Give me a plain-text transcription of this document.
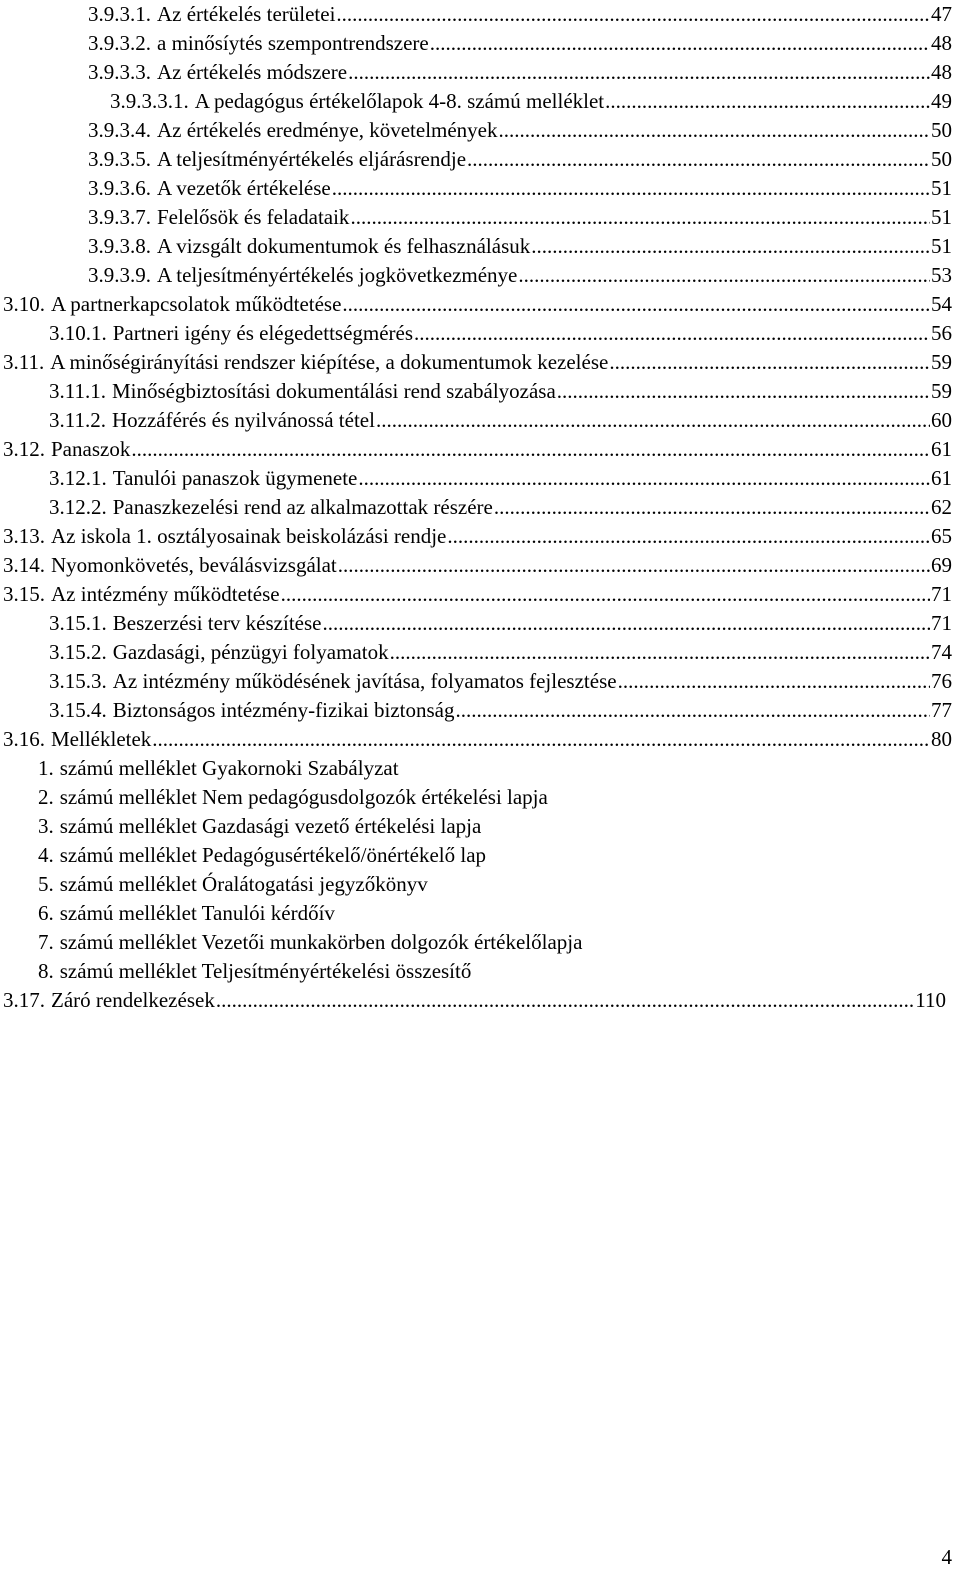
3.9.3.1. Az értékelés területei .....	47
3.9.3.2. a minősíytés szempontrendszere .....	48
3.9.3.3. Az értékelés módszere .....	48
3.9.3.3.1. A pedagógus értékelőlapok 4-8. számú melléklet .....	49
3.9.3.4. Az értékelés eredménye, követelmények .....	50
3.9.3.5. A teljesítményértékelés eljárásrendje .....	50
3.9.3.6. A vezetők értékelése .....	51
3.9.3.7. Felelősök és feladataik .....	51
3.9.3.8. A vizsgált dokumentumok és felhasználásuk .....	51
3.9.3.9. A teljesítményértékelés jogkövetkezménye .....	53
3.10. A partnerkapcsolatok működtetése .....	54
3.10.1. Partneri igény és elégedettségmérés .....	56
3.11. A minőségirányítási rendszer kiépítése, a dokumentumok kezelése .....	59
3.11.1. Minőségbiztosítási dokumentálási rend szabályozása .....	59
3.11.2. Hozzáférés és nyilvánossá tétel .....	60
3.12. Panaszok .....	61
3.12.1. Tanulói panaszok ügymenete .....	61
3.12.2. Panaszkezelési rend az alkalmazottak részére .....	62
3.13. Az iskola 1. osztályosainak beiskolázási rendje .....	65
3.14. Nyomonkövetés, beválásvizsgálat .....	69
3.15. Az intézmény működtetése .....	71
3.15.1. Beszerzési terv készítése .....	71
3.15.2. Gazdasági, pénzügyi folyamatok .....	74
3.15.3. Az intézmény működésének javítása, folyamatos fejlesztése .....	76
3.15.4. Biztonságos intézmény-fizikai biztonság .....	77
3.16. Mellékletek .....	80
1. számú melléklet Gyakornoki Szabályzat
2. számú melléklet Nem pedagógusdolgozók értékelési lapja
3. számú melléklet Gazdasági vezető értékelési lapja
4. számú melléklet Pedagógusértékelő/önértékelő lap
5. számú melléklet Óralátogatási jegyzőkönyv
6. számú melléklet Tanulói kérdőív
7. számú melléklet Vezetői munkakörben dolgozók értékelőlapja
8. számú melléklet Teljesítményértékelési összesítő
3.17. Záró rendelkezések .....	110
4
